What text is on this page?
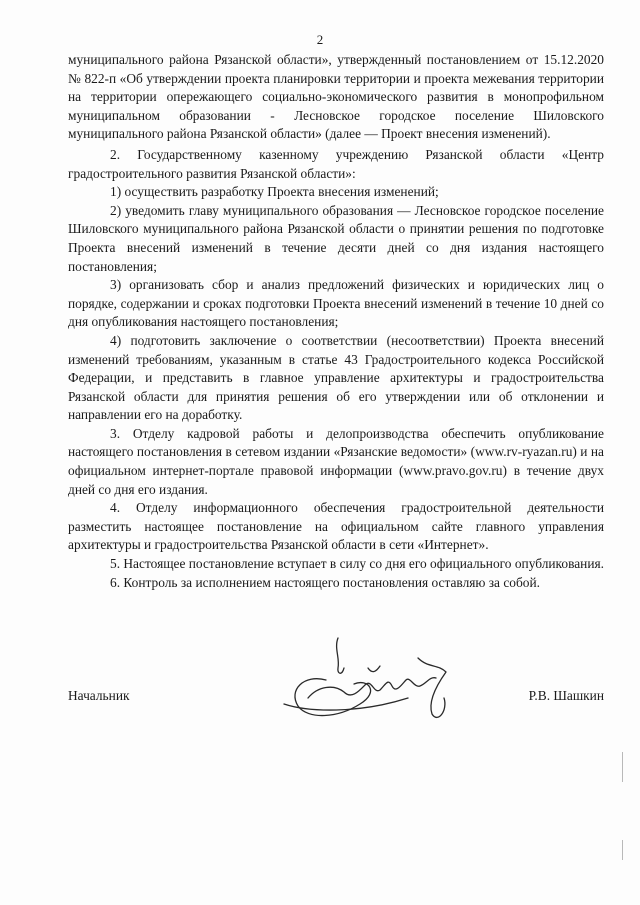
2

муниципального района Рязанской области», утвержденный постановлением от 15.12.2020 № 822-п «Об утверждении проекта планировки территории и проекта межевания территории на территории опережающего социально-экономического развития в монопрофильном муниципальном образовании - Лесновское городское поселение Шиловского муниципального района Рязанской области» (далее — Проект внесения изменений).

2. Государственному казенному учреждению Рязанской области «Центр градостроительного развития Рязанской области»:

1) осуществить разработку Проекта внесения изменений;

2) уведомить главу муниципального образования — Лесновское городское поселение Шиловского муниципального района Рязанской области о принятии решения по подготовке Проекта внесений изменений в течение десяти дней со дня издания настоящего постановления;

3) организовать сбор и анализ предложений физических и юридических лиц о порядке, содержании и сроках подготовки Проекта внесений изменений в течение 10 дней со дня опубликования настоящего постановления;

4) подготовить заключение о соответствии (несоответствии) Проекта внесений изменений требованиям, указанным в статье 43 Градостроительного кодекса Российской Федерации, и представить в главное управление архитектуры и градостроительства Рязанской области для принятия решения об его утверждении или об отклонении и направлении его на доработку.

3. Отделу кадровой работы и делопроизводства обеспечить опубликование настоящего постановления в сетевом издании «Рязанские ведомости» (www.rv-ryazan.ru) и на официальном интернет-портале правовой информации (www.pravo.gov.ru) в течение двух дней со дня его издания.

4. Отделу информационного обеспечения градостроительной деятельности разместить настоящее постановление на официальном сайте главного управления архитектуры и градостроительства Рязанской области в сети «Интернет».

5. Настоящее постановление вступает в силу со дня его официального опубликования.

6. Контроль за исполнением настоящего постановления оставляю за собой.

Начальник	Р.В. Шашкин
